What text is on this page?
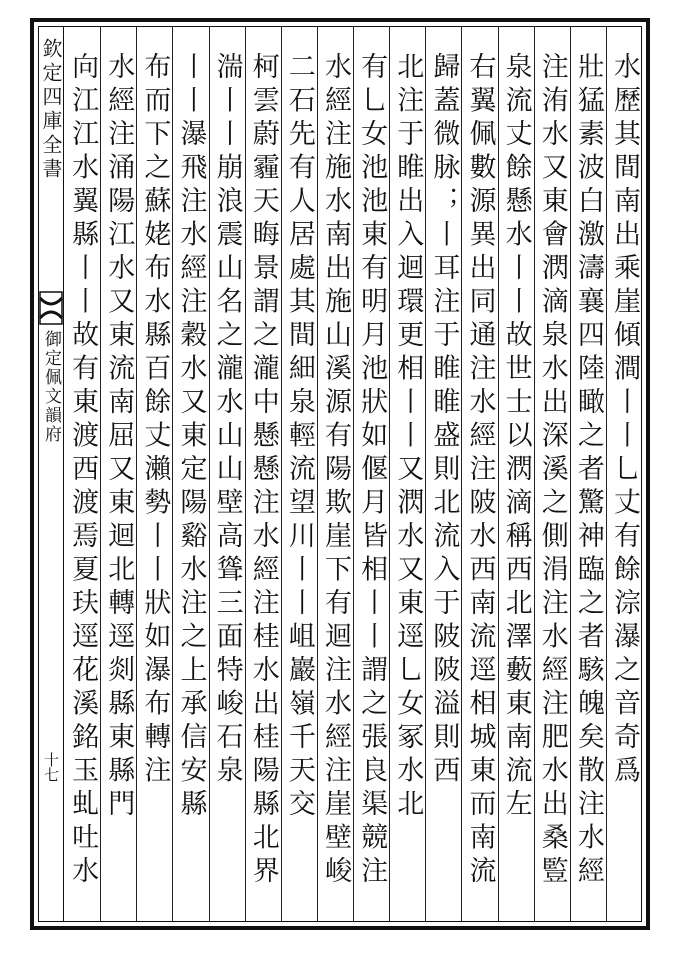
欽定四庫全書
御定佩文韻府
十七	水歷其間南出乘崖傾澗丨丨乚丈有餘淙瀑之音奇爲
壯猛素波白激濤襄四陸瞰之者驚神臨之者駭魄矣散注水經
注洧水又東會㴸滴泉水出深溪之側涓注水經注肥水出桑䜿
泉流丈餘懸水丨丨故世士以㴸滴稱西北澤藪東南流左
右翼佩數源異出同通注水經注陂水西南流逕相城東而南流
歸蓋微脉；丨耳注于睢睢盛則北流入于陂陂溢則西
北注于睢出入迴環更相丨丨又㴸水又東逕乚女冢水北
有乚女池池東有明月池狀如偃月皆相丨丨謂之張良渠競注
水經注施水南出施山溪源有陽欺崖下有迴注水經注崖壁峻
二石先有人居處其間細泉輕流望川丨丨岨巖嶺千天交
柯雲蔚霾天晦景謂之瀧中懸懸注水經注桂水出桂陽縣北界
湍丨丨崩浪震山名之瀧水山山壁高聳三面特峻石泉
丨丨瀑飛注水經注穀水又東定陽谿水注之上承信安縣
布而下之蘇姥布水縣百餘丈瀨勢丨丨狀如瀑布轉注
水經注涌陽江水又東流南屈又東迴北轉逕剡縣東縣門
向江江水翼縣丨丨故有東渡西渡焉夏玞逕花溪銘玉虬吐水
